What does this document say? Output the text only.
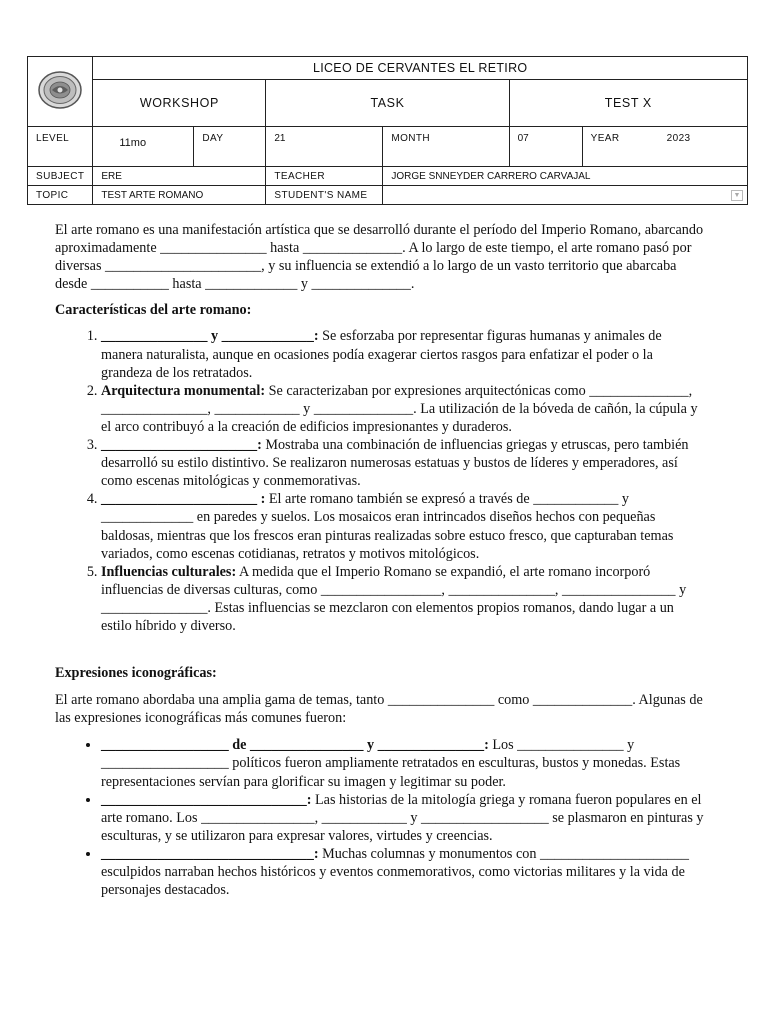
	LICEO DE CERVANTES EL RETIRO					
	WORKSHOP		TASK		TEST X	
LEVEL	11mo	DAY	21	MONTH	07	YEAR 2023
SUBJECT	ERE		TEACHER	JORGE SNNEYDER CARRERO CARVAJAL		
TOPIC	TEST ARTE ROMANO		STUDENT'S NAME	▼		

El arte romano es una manifestación artística que se desarrolló durante el período del Imperio Romano, abarcando aproximadamente _______________ hasta ______________. A lo largo de este tiempo, el arte romano pasó por diversas ______________________, y su influencia se extendió a lo largo de un vasto territorio que abarcaba desde ___________ hasta _____________ y ______________.

Características del arte romano:

1. _______________ y _____________: Se esforzaba por representar figuras humanas y animales de manera naturalista, aunque en ocasiones podía exagerar ciertos rasgos para enfatizar el poder o la grandeza de los retratados.
2. Arquitectura monumental: Se caracterizaban por expresiones arquitectónicas como ______________, _______________, ____________ y ______________. La utilización de la bóveda de cañón, la cúpula y el arco contribuyó a la creación de edificios impresionantes y duraderos.
3. ______________________: Mostraba una combinación de influencias griegas y etruscas, pero también desarrolló su estilo distintivo. Se realizaron numerosas estatuas y bustos de líderes y emperadores, así como escenas mitológicas y conmemorativas.
4. ______________________ : El arte romano también se expresó a través de ____________ y _____________ en paredes y suelos. Los mosaicos eran intrincados diseños hechos con pequeñas baldosas, mientras que los frescos eran pinturas realizadas sobre estuco fresco, que capturaban temas variados, como escenas cotidianas, retratos y motivos mitológicos.
5. Influencias culturales: A medida que el Imperio Romano se expandió, el arte romano incorporó influencias de diversas culturas, como _________________, _______________, ________________ y _______________. Estas influencias se mezclaron con elementos propios romanos, dando lugar a un estilo híbrido y diverso.

Expresiones iconográficas:

El arte romano abordaba una amplia gama de temas, tanto _______________ como ______________. Algunas de las expresiones iconográficas más comunes fueron:

• __________________ de ________________ y _______________: Los _______________ y __________________ políticos fueron ampliamente retratados en esculturas, bustos y monedas. Estas representaciones servían para glorificar su imagen y legitimar su poder.
• _____________________________: Las historias de la mitología griega y romana fueron populares en el arte romano. Los ________________, ____________ y __________________ se plasmaron en pinturas y esculturas, y se utilizaron para expresar valores, virtudes y creencias.
• ______________________________: Muchas columnas y monumentos con _____________________ esculpidos narraban hechos históricos y eventos conmemorativos, como victorias militares y la vida de personajes destacados.
